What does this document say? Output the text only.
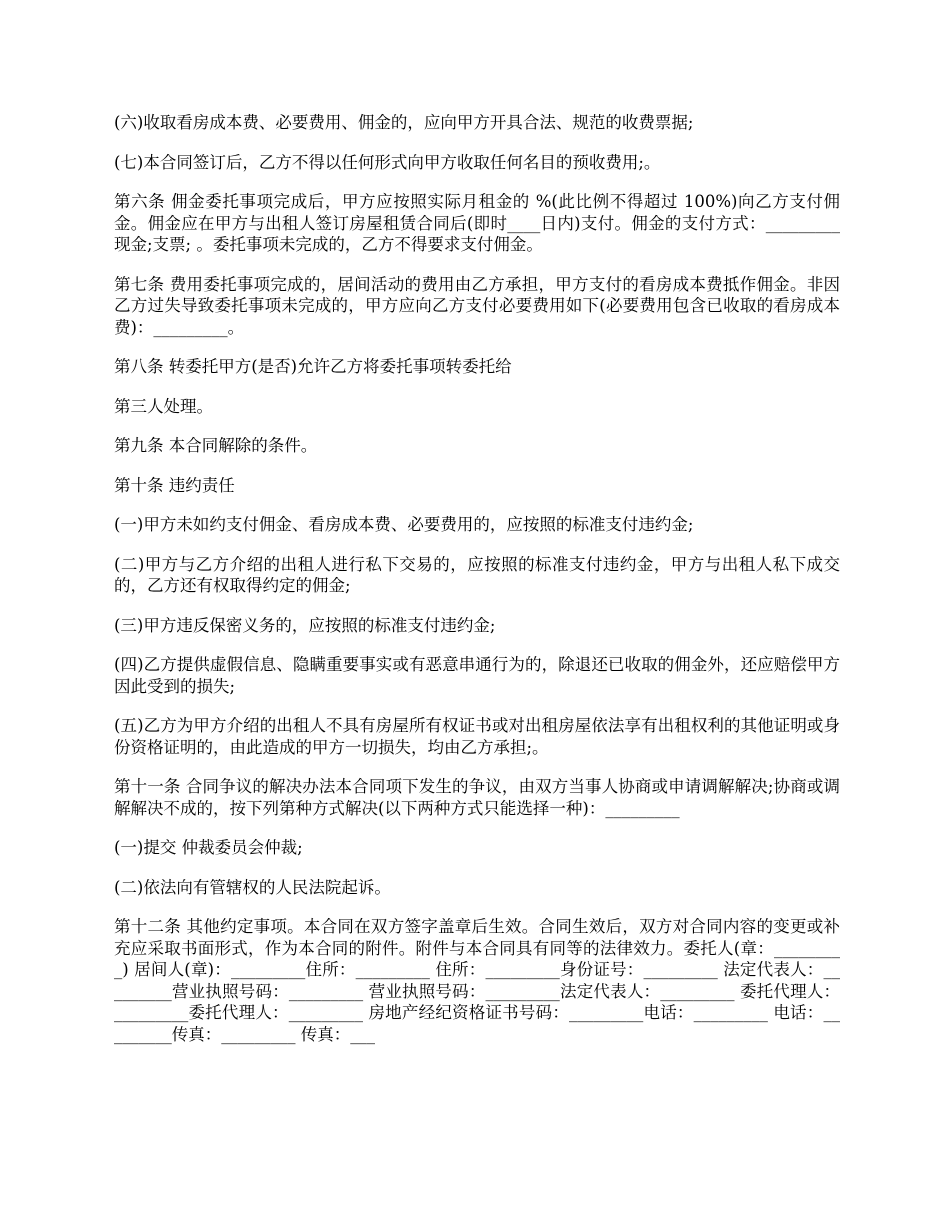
(六)收取看房成本费、必要费用、佣金的，应向甲方开具合法、规范的收费票据;

(七)本合同签订后，乙方不得以任何形式向甲方收取任何名目的预收费用;。

第六条 佣金委托事项完成后，甲方应按照实际月租金的 %(此比例不得超过 100%)向乙方支付佣金。佣金应在甲方与出租人签订房屋租赁合同后(即时____日内)支付。佣金的支付方式：_________现金;支票; 。委托事项未完成的，乙方不得要求支付佣金。

第七条 费用委托事项完成的，居间活动的费用由乙方承担，甲方支付的看房成本费抵作佣金。非因乙方过失导致委托事项未完成的，甲方应向乙方支付必要费用如下(必要费用包含已收取的看房成本费)：_________。

第八条 转委托甲方(是否)允许乙方将委托事项转委托给

第三人处理。

第九条 本合同解除的条件。

第十条 违约责任

(一)甲方未如约支付佣金、看房成本费、必要费用的，应按照的标准支付违约金;

(二)甲方与乙方介绍的出租人进行私下交易的，应按照的标准支付违约金，甲方与出租人私下成交的，乙方还有权取得约定的佣金;

(三)甲方违反保密义务的，应按照的标准支付违约金;

(四)乙方提供虚假信息、隐瞒重要事实或有恶意串通行为的，除退还已收取的佣金外，还应赔偿甲方因此受到的损失;

(五)乙方为甲方介绍的出租人不具有房屋所有权证书或对出租房屋依法享有出租权利的其他证明或身份资格证明的，由此造成的甲方一切损失，均由乙方承担;。

第十一条 合同争议的解决办法本合同项下发生的争议，由双方当事人协商或申请调解解决;协商或调解解决不成的，按下列第种方式解决(以下两种方式只能选择一种)：_________

(一)提交 仲裁委员会仲裁;

(二)依法向有管辖权的人民法院起诉。

第十二条 其他约定事项。本合同在双方签字盖章后生效。合同生效后，双方对合同内容的变更或补充应采取书面形式，作为本合同的附件。附件与本合同具有同等的法律效力。委托人(章：_________) 居间人(章)：_________住所：_________ 住所：_________身份证号：_________ 法定代表人：_________营业执照号码：_________ 营业执照号码：_________法定代表人：_________ 委托代理人：_________委托代理人：_________ 房地产经纪资格证书号码：_________电话：_________ 电话：_________传真：_________ 传真：___
